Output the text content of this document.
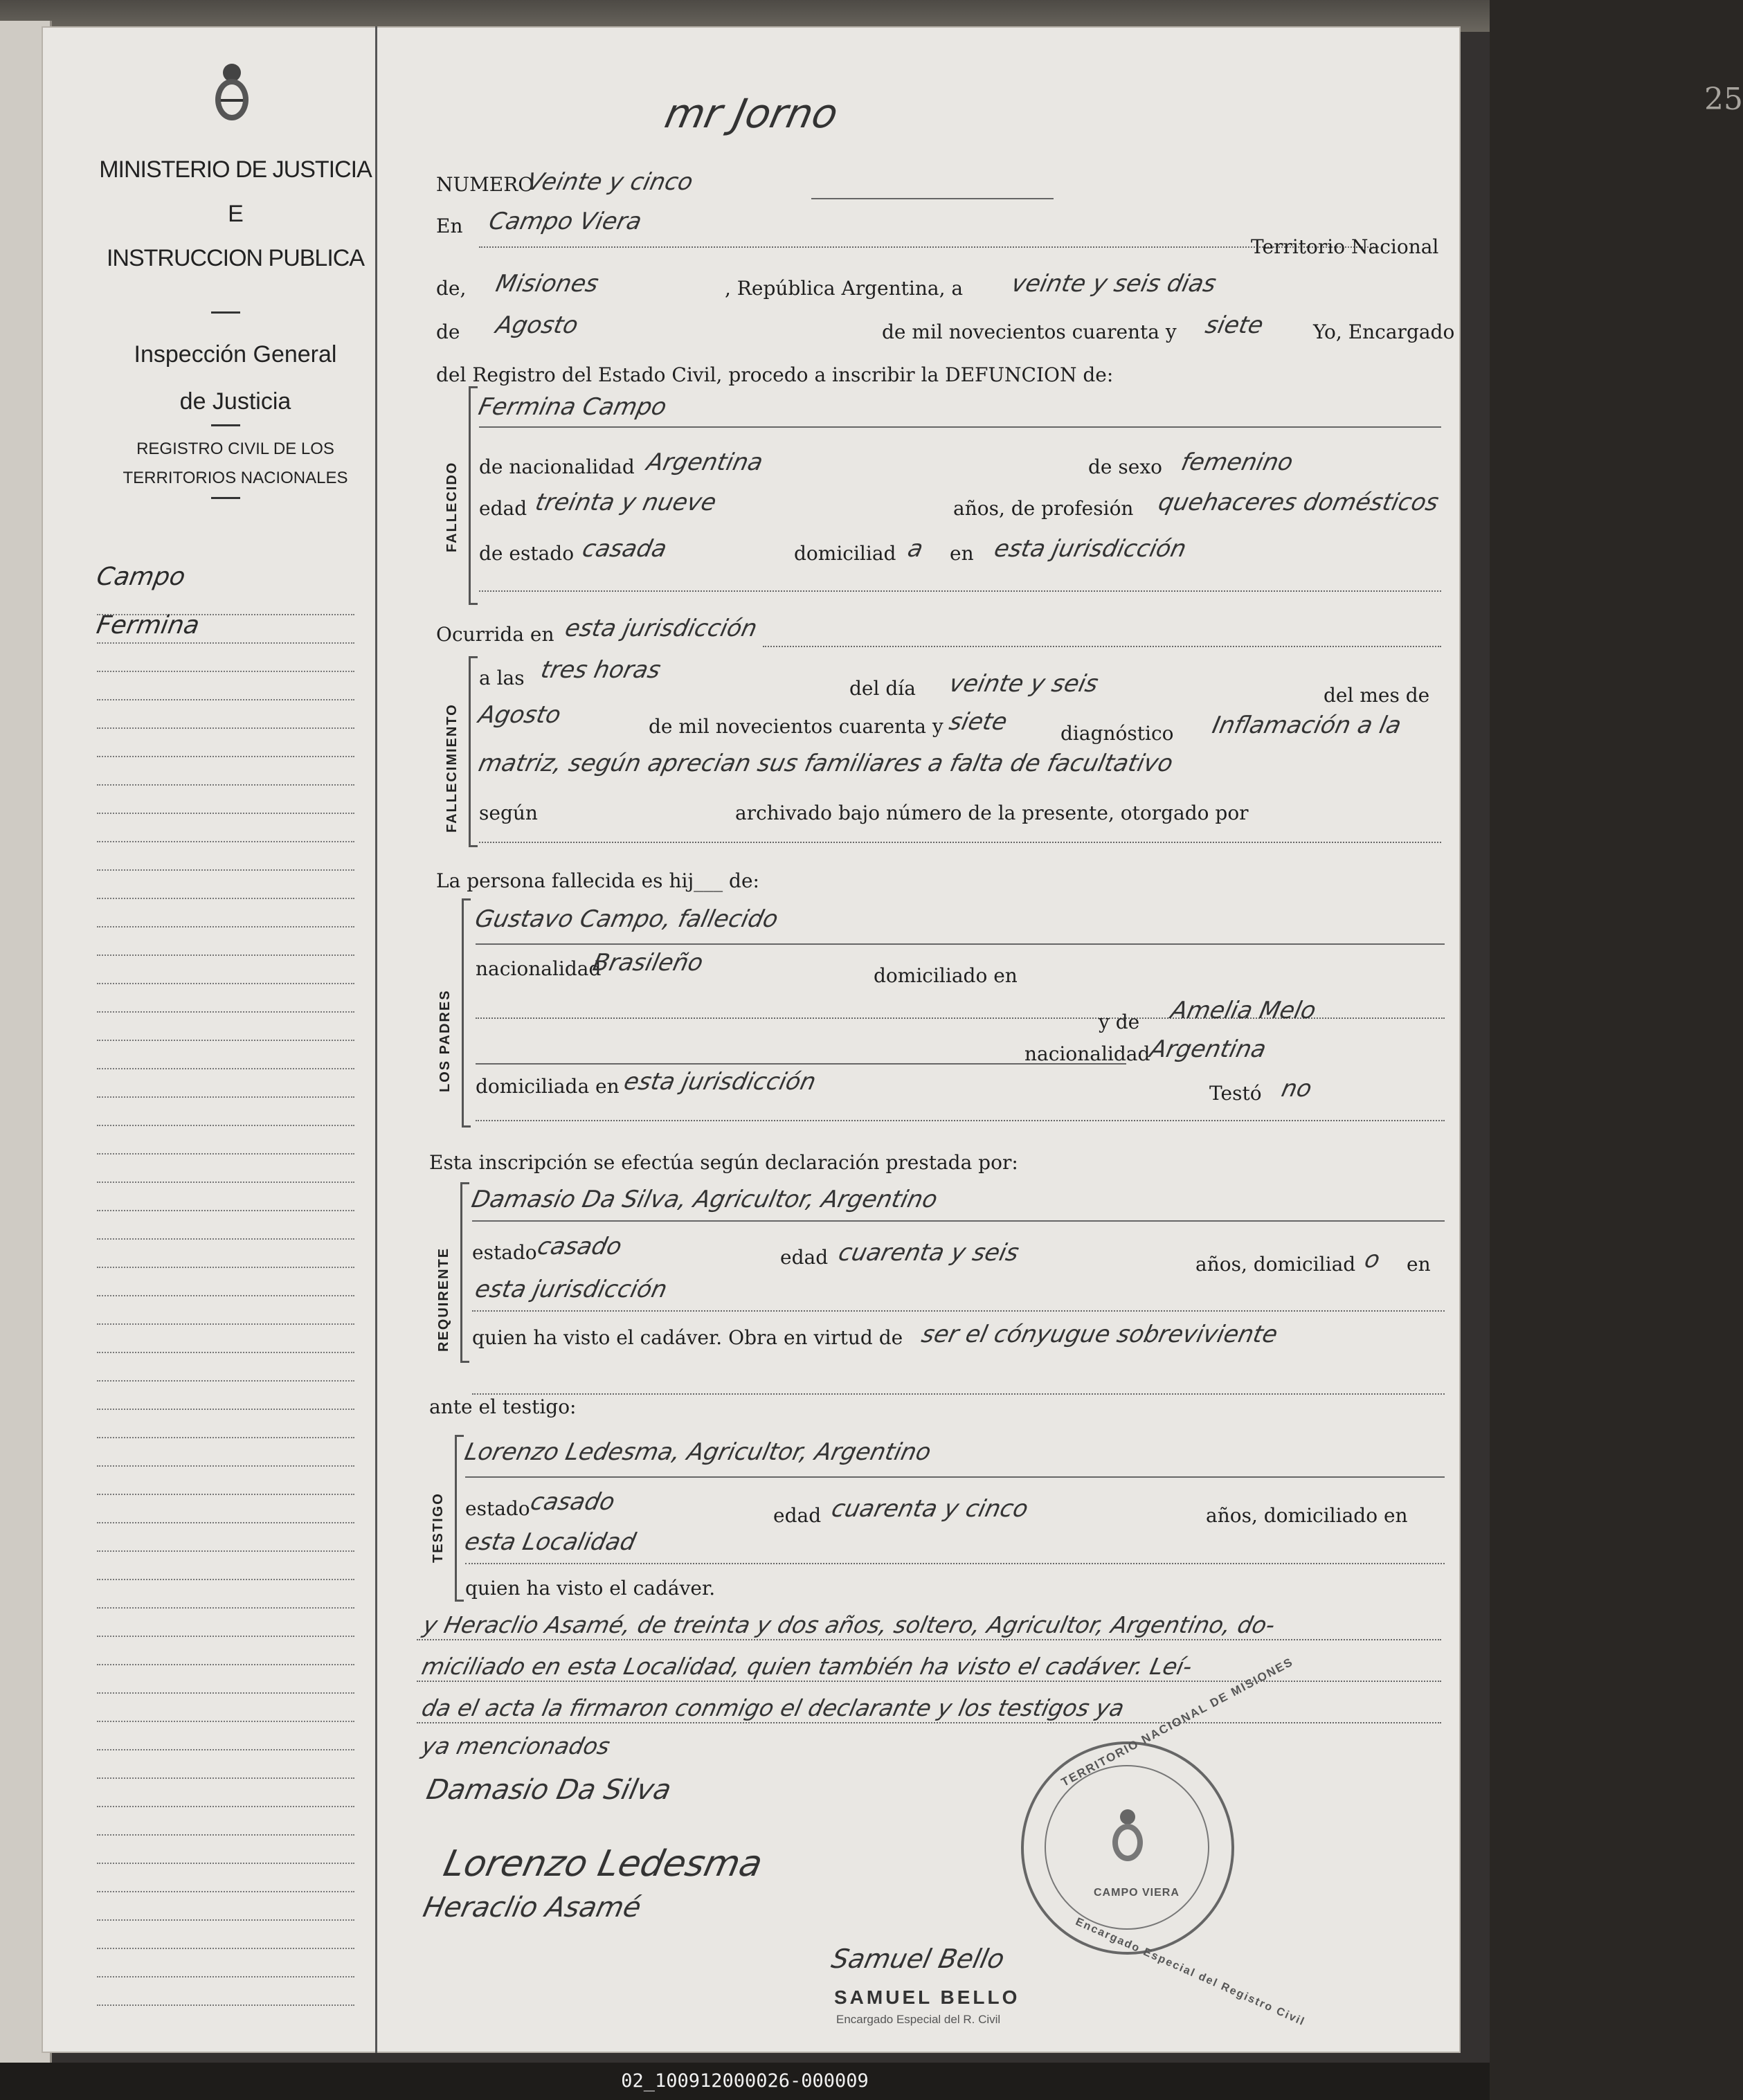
MINISTERIO DE JUSTICIA
E
INSTRUCCION PUBLICA
Inspección General
de Justicia
REGISTRO CIVIL DE LOS
TERRITORIOS NACIONALES
Campo
Fermina
25
mr Jorno
NUMERO
Veinte y cinco
En Campo Viera
Territorio Nacional
de, Misiones	, República Argentina, a veinte y seis dias
de Agosto	de mil novecientos cuarenta y siete Yo, Encargado
del Registro del Estado Civil, procedo a inscribir la DEFUNCION de:
FALLECIDO
Fermina Campo
de nacionalidad Argentina	de sexo femenino
edad treinta y nueve	años, de profesión quehaceres domésticos
de estado casada	domiciliad a en esta jurisdicción
Ocurrida en esta jurisdicción
FALLECIMIENTO
a las tres horas
del día veinte y seis	del mes de
Agosto	de mil novecientos cuarenta y siete	diagnóstico Inflamación a la
matriz, según aprecian sus familiares a falta de facultativo
según	archivado bajo número de la presente, otorgado por
La persona fallecida es hij___ de:
LOS PADRES
Gustavo Campo, fallecido
nacionalidad
Brasileño	domiciliado en
y de Amelia Melo
nacionalidad
Argentina
domiciliada en esta jurisdicción	Testó no
Esta inscripción se efectúa según declaración prestada por:
REQUIRENTE
Damasio Da Silva, Agricultor, Argentino
estado
casado	edad cuarenta y seis	años, domiciliad o en
esta jurisdicción
quien ha visto el cadáver. Obra en virtud de ser el cónyugue sobreviviente
ante el testigo:
TESTIGO
Lorenzo Ledesma, Agricultor, Argentino
estado
casado	edad cuarenta y cinco	años, domiciliado en
esta Localidad
quien ha visto el cadáver.
y Heraclio Asamé, de treinta y dos años, soltero, Agricultor, Argentino, do-
miciliado en esta Localidad, quien también ha visto el cadáver. Leí-
da el acta la firmaron conmigo el declarante y los testigos ya
ya mencionados
Damasio Da Silva
Lorenzo Ledesma
Heraclio Asamé
Samuel Bello
TERRITORIO NACIONAL DE MISIONES
CAMPO VIERA
Encargado Especial del Registro Civil
SAMUEL BELLO
Encargado Especial del R. Civil
02_100912000026-000009
